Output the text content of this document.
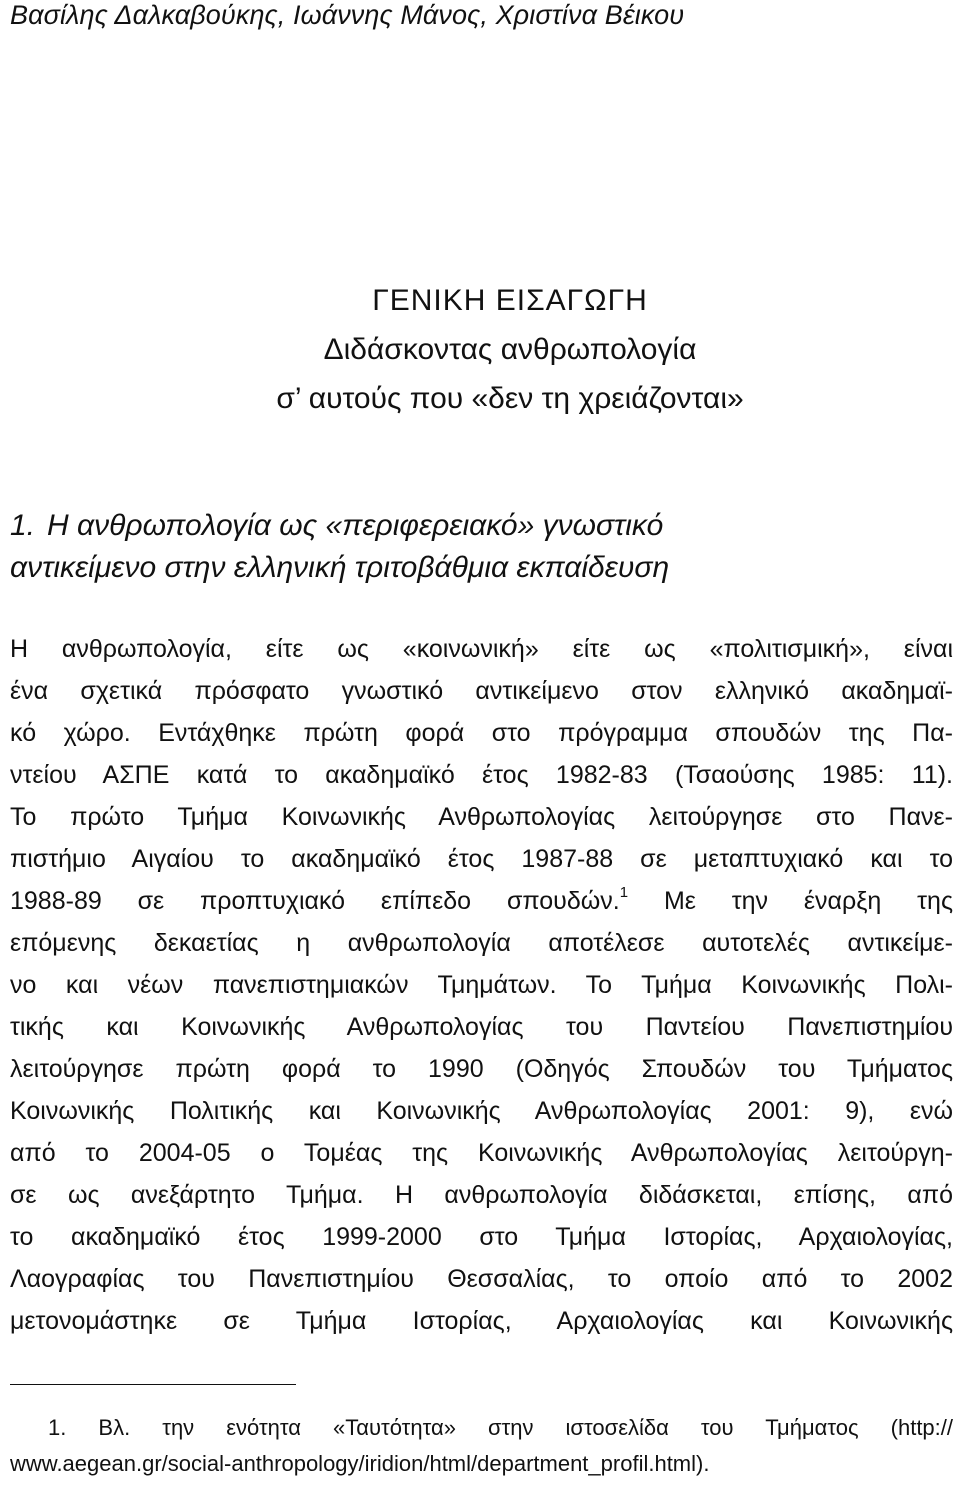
Βασίλης Δαλκαβούκης, Ιωάννης Μάνος, Χριστίνα Βέικου
ΓΕΝΙΚΗ ΕΙΣΑΓΩΓΗ
Διδάσκοντας ανθρωπολογία
σ’ αυτούς που «δεν τη χρειάζονται»
1. Η ανθρωπολογία ως «περιφερειακό» γνωστικό
αντικείμενο στην ελληνική τριτοβάθμια εκπαίδευση
Η ανθρωπολογία, είτε ως «κοινωνική» είτε ως «πολιτισμική», είναι
ένα σχετικά πρόσφατο γνωστικό αντικείμενο στον ελληνικό ακαδημαϊ-
κό χώρο. Εντάχθηκε πρώτη φορά στο πρόγραμμα σπουδών της Πα-
ντείου ΑΣΠΕ κατά το ακαδημαϊκό έτος 1982-83 (Τσαούσης 1985: 11).
Το πρώτο Τμήμα Κοινωνικής Ανθρωπολογίας λειτούργησε στο Πανε-
πιστήμιο Αιγαίου το ακαδημαϊκό έτος 1987-88 σε μεταπτυχιακό και το
1988-89 σε προπτυχιακό επίπεδο σπουδών.$^1$ Με την έναρξη της
επόμενης δεκαετίας η ανθρωπολογία αποτέλεσε αυτοτελές αντικείμε-
νο και νέων πανεπιστημιακών Τμημάτων. Το Τμήμα Κοινωνικής Πολι-
τικής και Κοινωνικής Ανθρωπολογίας του Παντείου Πανεπιστημίου
λειτούργησε πρώτη φορά το 1990 (Οδηγός Σπουδών του Τμήματος
Κοινωνικής Πολιτικής και Κοινωνικής Ανθρωπολογίας 2001: 9), ενώ
από το 2004-05 ο Τομέας της Κοινωνικής Ανθρωπολογίας λειτούργη-
σε ως ανεξάρτητο Τμήμα. Η ανθρωπολογία διδάσκεται, επίσης, από
το ακαδημαϊκό έτος 1999-2000 στο Τμήμα Ιστορίας, Αρχαιολογίας,
Λαογραφίας του Πανεπιστημίου Θεσσαλίας, το οποίο από το 2002
μετονομάστηκε σε Τμήμα Ιστορίας, Αρχαιολογίας και Κοινωνικής
1. Βλ. την ενότητα «Ταυτότητα» στην ιστοσελίδα του Τμήματος (http://
www.aegean.gr/social-anthropology/iridion/html/department_profil.html).
